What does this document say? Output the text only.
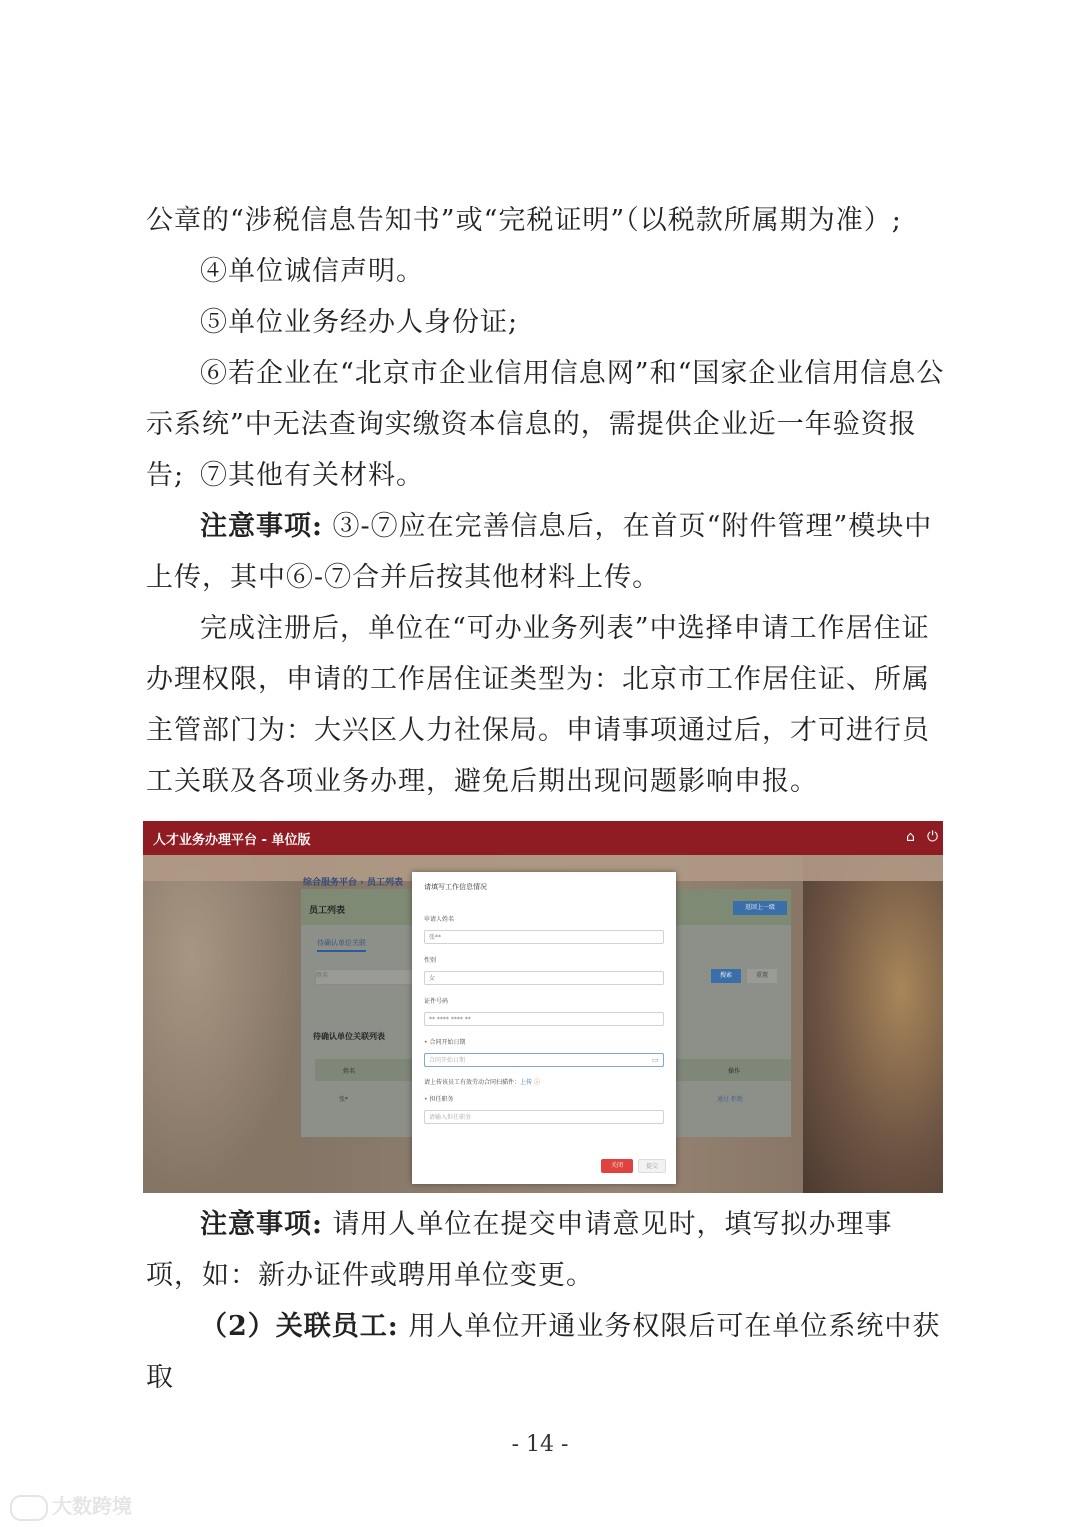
公章的“涉税信息告知书”或“完税证明”（以税款所属期为准）;
④单位诚信声明。
⑤单位业务经办人身份证;
⑥若企业在“北京市企业信用信息网”和“国家企业信用信息公示系统”中无法查询实缴资本信息的，需提供企业近一年验资报告; ⑦其他有关材料。
注意事项: ③-⑦应在完善信息后，在首页“附件管理”模块中上传，其中⑥-⑦合并后按其他材料上传。
完成注册后，单位在“可办业务列表”中选择申请工作居住证办理权限，申请的工作居住证类型为：北京市工作居住证、所属主管部门为：大兴区人力社保局。申请事项通过后，才可进行员工关联及各项业务办理，避免后期出现问题影响申报。
人才业务办理平台 - 单位版	⌂ ⏻
综合服务平台 › 员工列表
员工列表	返回上一级
待确认单位关联
姓名	搜索	重置
待确认单位关联列表
姓名	操作
张*	通过 拒绝
请填写工作信息情况
申请人姓名
张**
性别
女
证件号码
** **** **** **
• 合同开始日期
合同开始日期	▭
请上传该员工有效劳动合同扫描件：上传 ⓘ
• 担任职务
请输入担任职务
关闭	提交
注意事项: 请用人单位在提交申请意见时，填写拟办理事项，如：新办证件或聘用单位变更。
（2）关联员工: 用人单位开通业务权限后可在单位系统中获取
- 14 -
大数跨境
